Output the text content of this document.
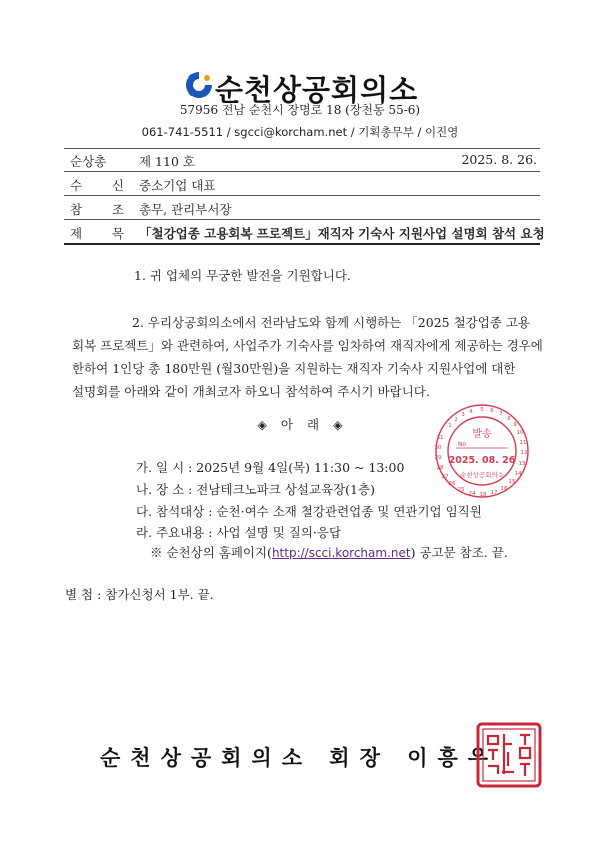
순천상공회의소
57956 전남 순천시 장명로 18 (장천동 55-6)
061-741-5511 / sgcci@korcham.net / 기획총무부 / 이진영
순상총	제 110 호	2025. 8. 26.
수 신 중소기업 대표
참 조 총무, 관리부서장
제 목 「철강업종 고용회복 프로젝트」재직자 기숙사 지원사업 설명회 참석 요청
1. 귀 업체의 무궁한 발전을 기원합니다.
2. 우리상공회의소에서 전라남도와 함께 시행하는 「2025 철강업종 고용
회복 프로젝트」와 관련하여, 사업주가 기숙사를 임차하여 재직자에게 제공하는 경우에
한하여 1인당 총 180만원 (월30만원)을 지원하는 재직자 기숙사 지원사업에 대한
설명회를 아래와 같이 개최코자 하오니 참석하여 주시기 바랍니다.
◈ 아 래 ◈	1
2
3 4 5 6 7
8
9
10
11
12
31
30
29
28
27
26
25
24
13
14
15
16
17
18
발송
No
2025. 08. 26
순천상공회의소
가. 일 시 : 2025년 9월 4일(목) 11:30 ~ 13:00
나. 장 소 : 전남테크노파크 상설교육장(1층)
다. 참석대상 : 순천·여수 소재 철강관련업종 및 연관기업 임직원
라. 주요내용 : 사업 설명 및 질의·응답
※ 순천상의 홈페이지(http://scci.korcham.net) 공고문 참조. 끝.
별 첨 : 참가신청서 1부. 끝.
순천상공회의소 회장 이흥우
